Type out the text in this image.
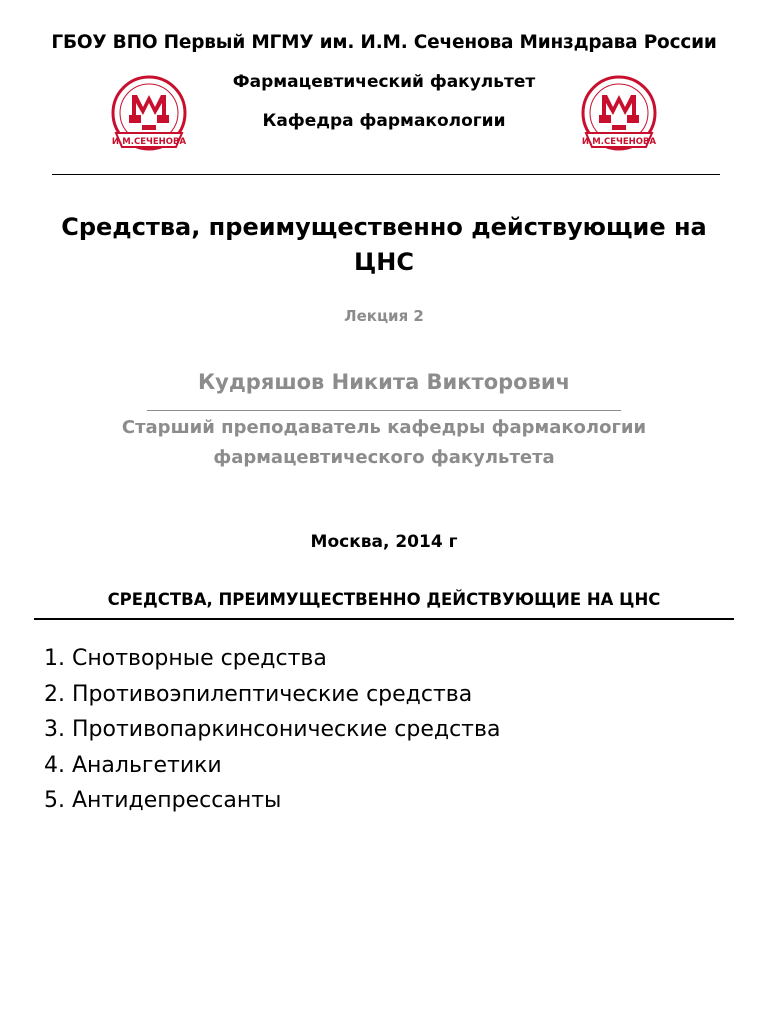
ГБОУ ВПО Первый МГМУ им. И.М. Сеченова Минздрава России
Фармацевтический факультет
Кафедра фармакологии
И.М.СЕЧЕНОВА	И.М.СЕЧЕНОВА
Средства, преимущественно действующие на ЦНС
Лекция 2
Кудряшов Никита Викторович
Старший преподаватель кафедры фармакологии
фармацевтического факультета
Москва, 2014 г
СРЕДСТВА, ПРЕИМУЩЕСТВЕННО ДЕЙСТВУЮЩИЕ НА ЦНС
1. Снотворные средства
2. Противоэпилептические средства
3. Противопаркинсонические средства
4. Анальгетики
5. Антидепрессанты
